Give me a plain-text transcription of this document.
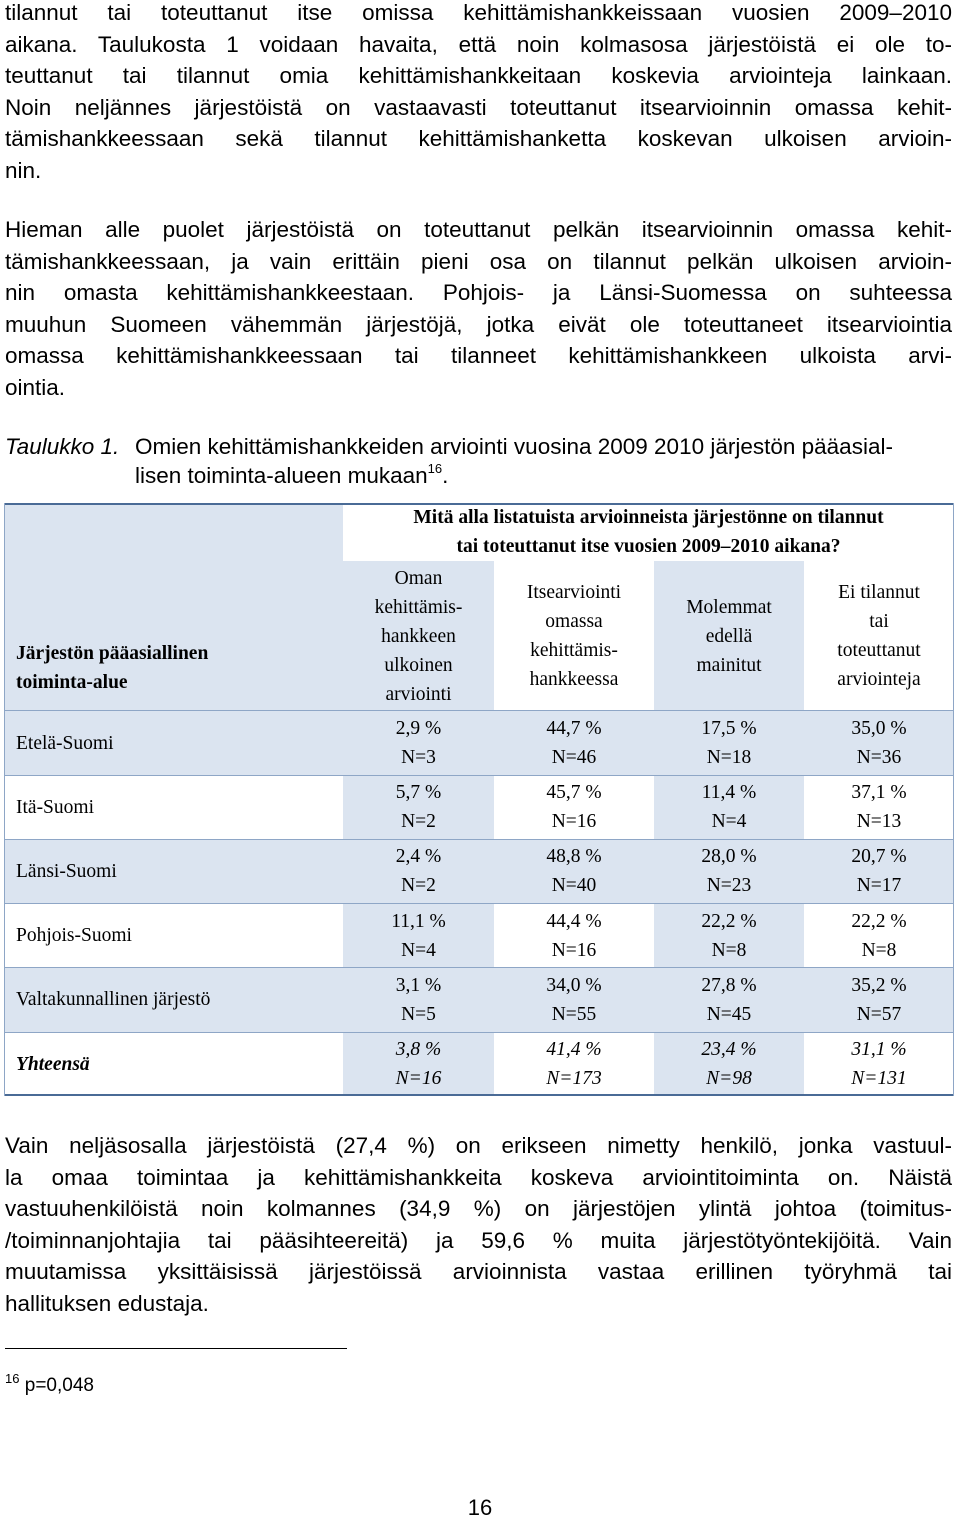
tilannut tai toteuttanut itse omissa kehittämishankkeissaan vuosien 2009–2010
aikana. Taulukosta 1 voidaan havaita, että noin kolmasosa järjestöistä ei ole to-
teuttanut tai tilannut omia kehittämishankkeitaan koskevia arviointeja lainkaan.
Noin neljännes järjestöistä on vastaavasti toteuttanut itsearvioinnin omassa kehit-
tämishankkeessaan sekä tilannut kehittämishanketta koskevan ulkoisen arvioin-
nin.
Hieman alle puolet järjestöistä on toteuttanut pelkän itsearvioinnin omassa kehit-
tämishankkeessaan, ja vain erittäin pieni osa on tilannut pelkän ulkoisen arvioin-
nin omasta kehittämishankkeestaan. Pohjois- ja Länsi-Suomessa on suhteessa
muuhun Suomeen vähemmän järjestöjä, jotka eivät ole toteuttaneet itsearviointia
omassa kehittämishankkeessaan tai tilanneet kehittämishankkeen ulkoista arvi-
ointia.
Taulukko 1. Omien kehittämishankkeiden arviointi vuosina 2009 2010 järjestön pääasial-
lisen toiminta-alueen mukaan$^{16}$.
Järjestön pääasiallinen
toiminta-alue
Mitä alla listatuista arvioinneista järjestönne on tilannut
tai toteuttanut itse vuosien 2009–2010 aikana?
Oman
kehittämis-
hankkeen
ulkoinen
arviointi
Itsearviointi
omassa
kehittämis-
hankkeessa
Molemmat
edellä
mainitut
Ei tilannut
tai
toteuttanut
arviointeja
Etelä-Suomi
2,9 %
N=3
44,7 %
N=46
17,5 %
N=18
35,0 %
N=36
Itä-Suomi
5,7 %
N=2
45,7 %
N=16
11,4 %
N=4
37,1 %
N=13
Länsi-Suomi
2,4 %
N=2
48,8 %
N=40
28,0 %
N=23
20,7 %
N=17
Pohjois-Suomi
11,1 %
N=4
44,4 %
N=16
22,2 %
N=8
22,2 %
N=8
Valtakunnallinen järjestö
3,1 %
N=5
34,0 %
N=55
27,8 %
N=45
35,2 %
N=57
Yhteensä
3,8 %
N=16
41,4 %
N=173
23,4 %
N=98
31,1 %
N=131
Vain neljäsosalla järjestöistä (27,4 %) on erikseen nimetty henkilö, jonka vastuul-
la omaa toimintaa ja kehittämishankkeita koskeva arviointitoiminta on. Näistä
vastuuhenkilöistä noin kolmannes (34,9 %) on järjestöjen ylintä johtoa (toimitus-
/toiminnanjohtajia tai pääsihteereitä) ja 59,6 % muita järjestötyöntekijöitä. Vain
muutamissa yksittäisissä järjestöissä arvioinnista vastaa erillinen työryhmä tai
hallituksen edustaja.
$^{16}$ p=0,048
16
